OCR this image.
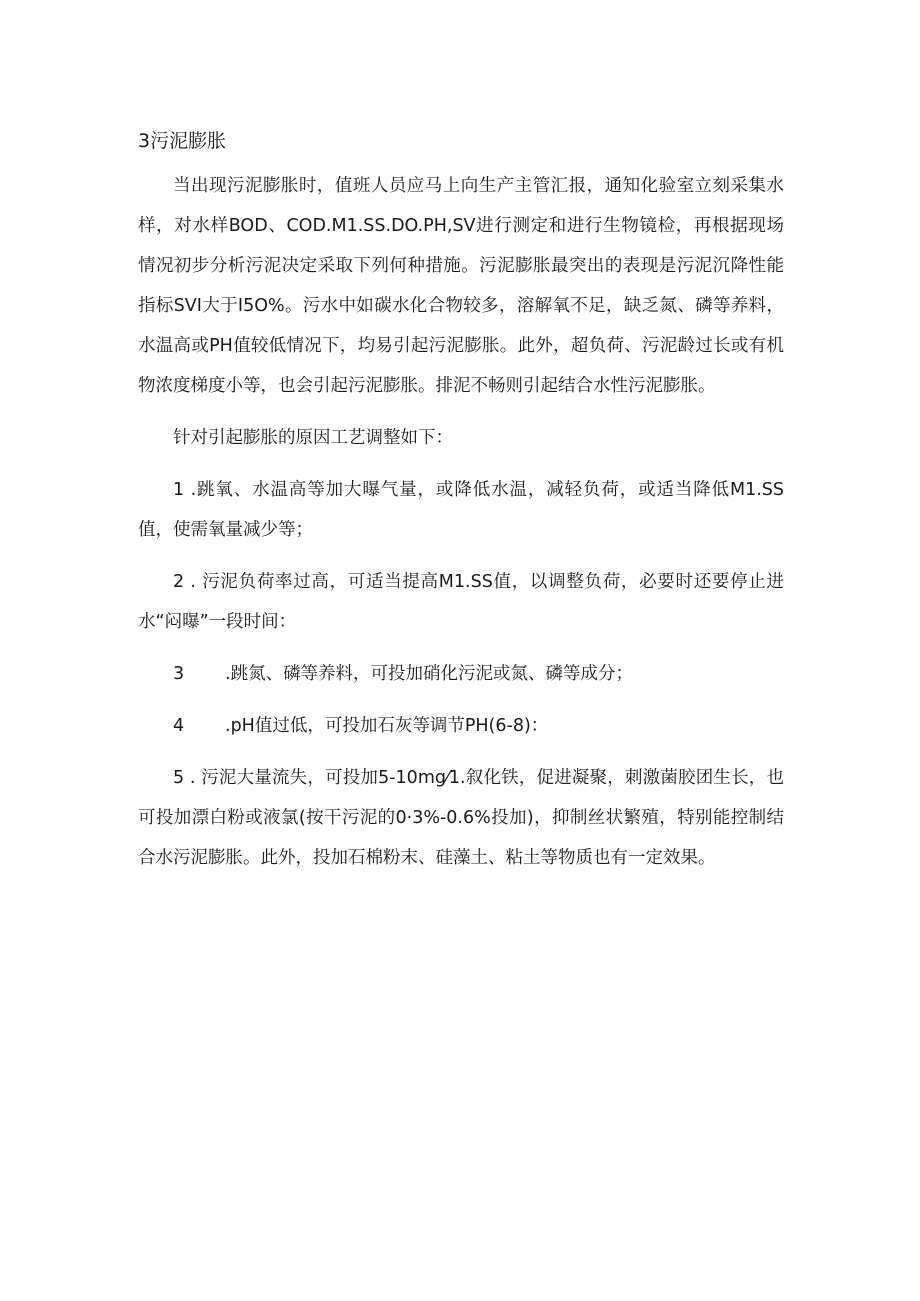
3污泥膨胀

当出现污泥膨胀时，值班人员应马上向生产主管汇报，通知化验室立刻采集水样，对水样BOD、COD.M1.SS.DO.PH,SV进行测定和进行生物镜检，再根据现场情况初步分析污泥决定采取下列何种措施。污泥膨胀最突出的表现是污泥沉降性能指标SVI大于I5O%。污水中如碳水化合物较多，溶解氧不足，缺乏氮、磷等养料，水温高或PH值较低情况下，均易引起污泥膨胀。此外，超负荷、污泥龄过长或有机物浓度梯度小等，也会引起污泥膨胀。排泥不畅则引起结合水性污泥膨胀。

针对引起膨胀的原因工艺调整如下：

1 .跳氧、水温高等加大曝气量，或降低水温，减轻负荷，或适当降低M1.SS值，使需氧量减少等；

2 . 污泥负荷率过高，可适当提高M1.SS值，以调整负荷，必要时还要停止进水“闷曝”一段时间：

3 .跳氮、磷等养料，可投加硝化污泥或氮、磷等成分；

4 .pH值过低，可投加石灰等调节PH(6-8)：

5 . 污泥大量流失，可投加5-10mg⁄1.叙化铁，促进凝聚，刺激菌胶团生长，也可投加漂白粉或液氯(按干污泥的0·3%-0.6%投加)，抑制丝状繁殖，特别能控制结合水污泥膨胀。此外，投加石棉粉末、硅藻土、粘土等物质也有一定效果。
